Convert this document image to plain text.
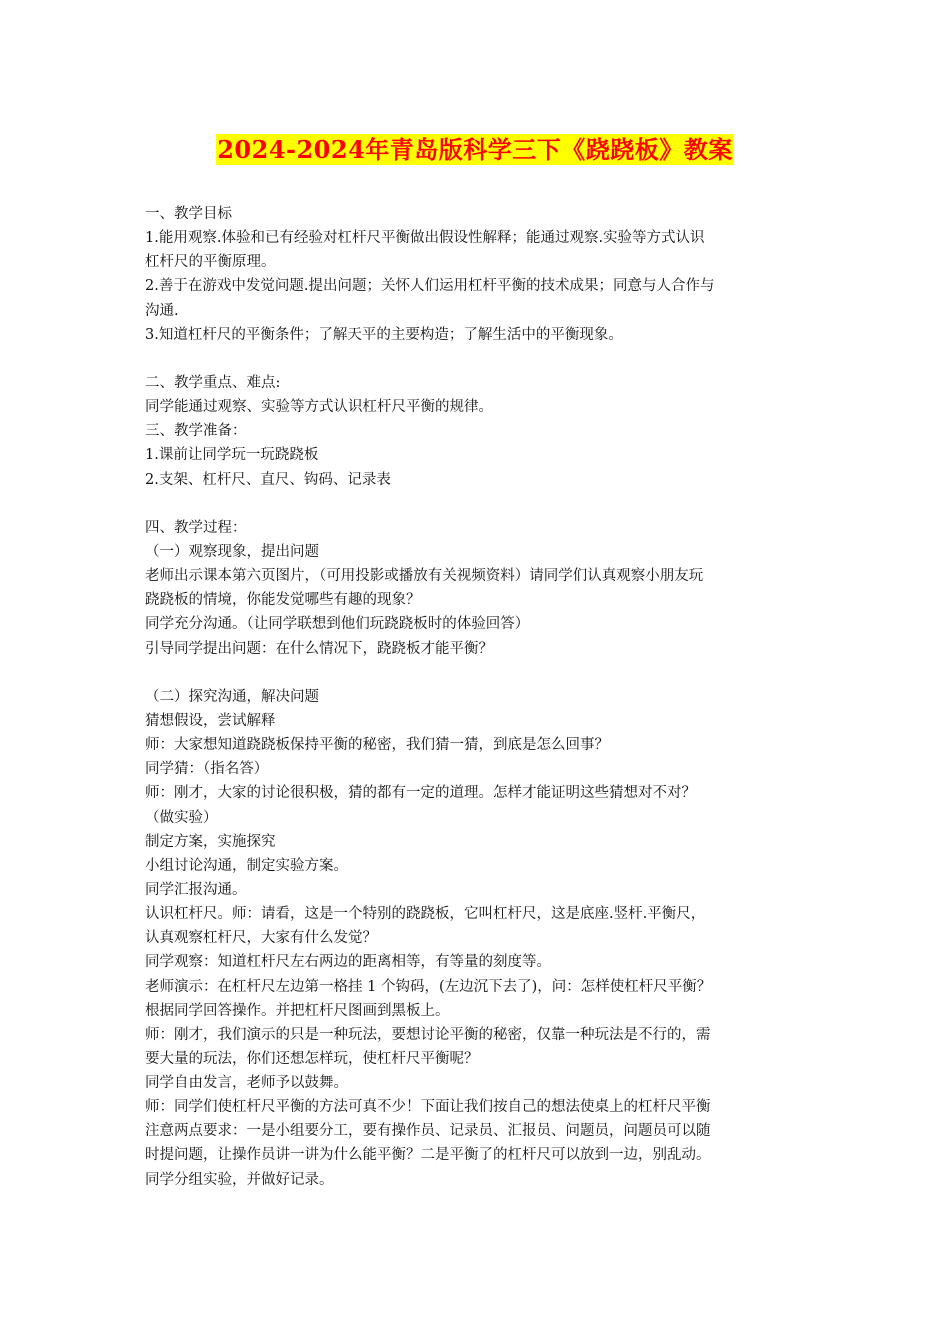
2024-2024年青岛版科学三下《跷跷板》教案
一、教学目标
1.能用观察.体验和已有经验对杠杆尺平衡做出假设性解释；能通过观察.实验等方式认识
杠杆尺的平衡原理。
2.善于在游戏中发觉问题.提出问题；关怀人们运用杠杆平衡的技术成果；同意与人合作与
沟通.
3.知道杠杆尺的平衡条件；了解天平的主要构造；了解生活中的平衡现象。
二、教学重点、难点:
同学能通过观察、实验等方式认识杠杆尺平衡的规律。
三、教学准备：
1.课前让同学玩一玩跷跷板
2.支架、杠杆尺、直尺、钩码、记录表
四、教学过程：
（一）观察现象，提出问题
老师出示课本第六页图片，（可用投影或播放有关视频资料）请同学们认真观察小朋友玩
跷跷板的情境，你能发觉哪些有趣的现象？
同学充分沟通。（让同学联想到他们玩跷跷板时的体验回答）
引导同学提出问题：在什么情况下，跷跷板才能平衡？
（二）探究沟通，解决问题
猜想假设，尝试解释
师：大家想知道跷跷板保持平衡的秘密，我们猜一猜，到底是怎么回事？
同学猜：（指名答）
师：刚才，大家的讨论很积极，猜的都有一定的道理。怎样才能证明这些猜想对不对？
（做实验）
制定方案，实施探究
小组讨论沟通，制定实验方案。
同学汇报沟通。
认识杠杆尺。师：请看，这是一个特别的跷跷板，它叫杠杆尺，这是底座.竖杆.平衡尺，
认真观察杠杆尺，大家有什么发觉？
同学观察：知道杠杆尺左右两边的距离相等，有等量的刻度等。
老师演示：在杠杆尺左边第一格挂 1 个钩码，(左边沉下去了)，问：怎样使杠杆尺平衡？
根据同学回答操作。并把杠杆尺图画到黑板上。
师：刚才，我们演示的只是一种玩法，要想讨论平衡的秘密，仅靠一种玩法是不行的，需
要大量的玩法，你们还想怎样玩，使杠杆尺平衡呢？
同学自由发言，老师予以鼓舞。
师：同学们使杠杆尺平衡的方法可真不少！下面让我们按自己的想法使桌上的杠杆尺平衡
注意两点要求：一是小组要分工，要有操作员、记录员、汇报员、问题员，问题员可以随
时提问题，让操作员讲一讲为什么能平衡？二是平衡了的杠杆尺可以放到一边，别乱动。
同学分组实验，并做好记录。
